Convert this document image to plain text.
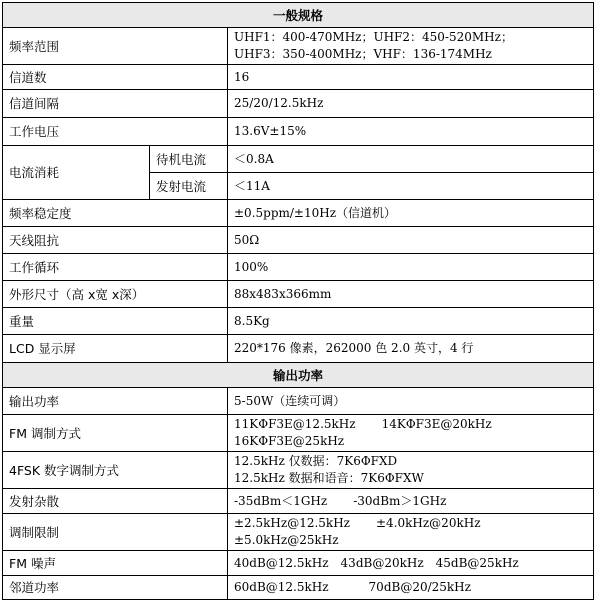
一般规格		
频率范围		UHF1：400-470MHz；UHF2：450-520MHz；
UHF3：350-400MHz；VHF：136-174MHz

信道数		16
信道间隔		25/20/12.5kHz
工作电压		13.6V±15%
电流消耗	待机电流	＜0.8A
	发射电流	＜11A
频率稳定度		±0.5ppm/±10Hz（信道机）
天线阻抗		50Ω
工作循环		100%
外形尺寸（高 x宽 x深）		88x483x366mm
重量		8.5Kg
LCD 显示屏		220*176 像素，262000 色 2.0 英寸，4 行
输出功率		
输出功率		5-50W（连续可调）
FM 调制方式		11KΦF3E@12.5kHz 14KΦF3E@20kHz
16KΦF3E@25kHz

4FSK 数字调制方式		12.5kHz 仅数据：7K6ΦFXD
12.5kHz 数据和语音：7K6ΦFXW

发射杂散		-35dBm＜1GHz -30dBm＞1GHz
调制限制		±2.5kHz@12.5kHz ±4.0kHz@20kHz
±5.0kHz@25kHz

FM 噪声		40dB@12.5kHz 43dB@20kHz 45dB@25kHz
邻道功率		60dB@12.5kHz 70dB@20/25kHz
